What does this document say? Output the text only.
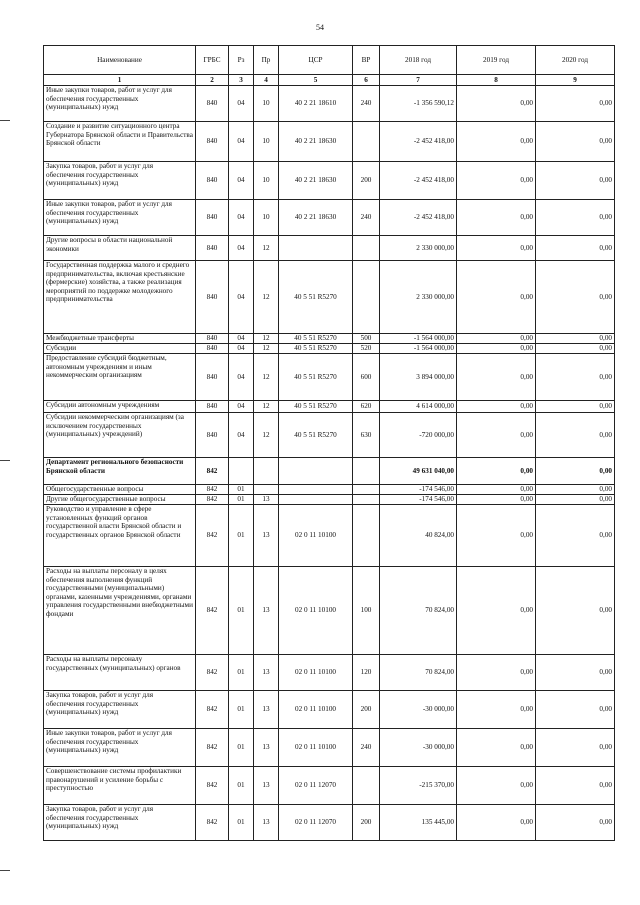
54
Наименование	ГРБС	Рз	Пр	ЦСР	ВР	2018 год	2019 год	2020 год
1	2	3	4	5	6	7	8	9
Иные закупки товаров, работ и услуг для обеспечения государственных (муниципальных) нужд	840	04	10	40 2 21 18610	240	-1 356 590,12	0,00	0,00
Создание и развитие ситуационного центра Губернатора Брянской области и Правительства Брянской области	840	04	10	40 2 21 18630		-2 452 418,00	0,00	0,00
Закупка товаров, работ и услуг для обеспечения государственных (муниципальных) нужд	840	04	10	40 2 21 18630	200	-2 452 418,00	0,00	0,00
Иные закупки товаров, работ и услуг для обеспечения государственных (муниципальных) нужд	840	04	10	40 2 21 18630	240	-2 452 418,00	0,00	0,00
Другие вопросы в области национальной экономики	840	04	12			2 330 000,00	0,00	0,00
Государственная поддержка малого и среднего предпринимательства, включая крестьянские (фермерские) хозяйства, а также реализация мероприятий по поддержке молодежного предпринимательства	840	04	12	40 5 51 R5270		2 330 000,00	0,00	0,00
Межбюджетные трансферты	840	04	12	40 5 51 R5270	500	-1 564 000,00	0,00	0,00
Субсидии	840	04	12	40 5 51 R5270	520	-1 564 000,00	0,00	0,00
Предоставление субсидий бюджетным, автономным учреждениям и иным некоммерческим организациям	840	04	12	40 5 51 R5270	600	3 894 000,00	0,00	0,00
Субсидии автономным учреждениям	840	04	12	40 5 51 R5270	620	4 614 000,00	0,00	0,00
Субсидии некоммерческим организациям (за исключением государственных (муниципальных) учреждений)	840	04	12	40 5 51 R5270	630	-720 000,00	0,00	0,00
Департамент регионального безопасности Брянской области	842					49 631 040,00	0,00	0,00
Общегосударственные вопросы	842	01				-174 546,00	0,00	0,00
Другие общегосударственные вопросы	842	01	13			-174 546,00	0,00	0,00
Руководство и управление в сфере установленных функций органов государственной власти Брянской области и государственных органов Брянской области	842	01	13	02 0 11 10100		40 824,00	0,00	0,00
Расходы на выплаты персоналу в целях обеспечения выполнения функций государственными (муниципальными) органами, казенными учреждениями, органами управления государственными внебюджетными фондами	842	01	13	02 0 11 10100	100	70 824,00	0,00	0,00
Расходы на выплаты персоналу государственных (муниципальных) органов	842	01	13	02 0 11 10100	120	70 824,00	0,00	0,00
Закупка товаров, работ и услуг для обеспечения государственных (муниципальных) нужд	842	01	13	02 0 11 10100	200	-30 000,00	0,00	0,00
Иные закупки товаров, работ и услуг для обеспечения государственных (муниципальных) нужд	842	01	13	02 0 11 10100	240	-30 000,00	0,00	0,00
Совершенствование системы профилактики правонарушений и усиление борьбы с преступностью	842	01	13	02 0 11 12070		-215 370,00	0,00	0,00
Закупка товаров, работ и услуг для обеспечения государственных (муниципальных) нужд	842	01	13	02 0 11 12070	200	135 445,00	0,00	0,00
